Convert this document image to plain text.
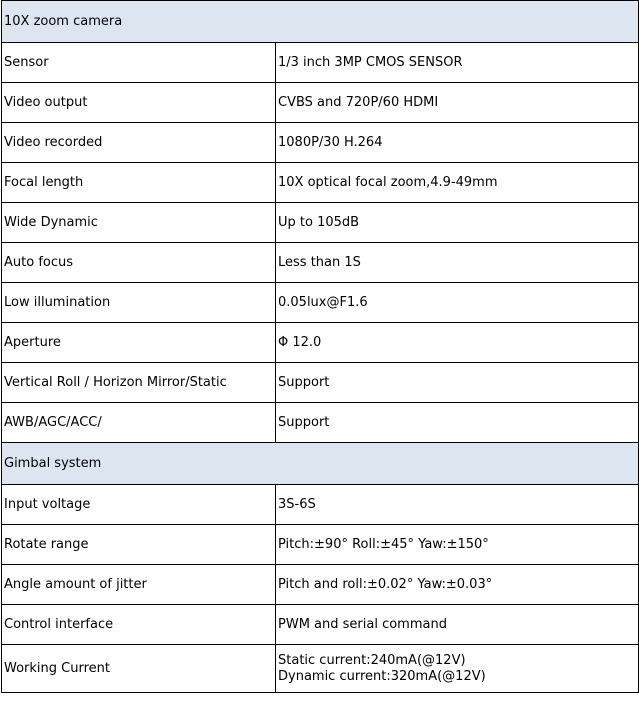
10X zoom camera	
Sensor	1/3 inch 3MP CMOS SENSOR
Video output	CVBS and 720P/60 HDMI
Video recorded	1080P/30 H.264
Focal length	10X optical focal zoom,4.9-49mm
Wide Dynamic	Up to 105dB
Auto focus	Less than 1S
Low illumination	0.05lux@F1.6
Aperture	Φ 12.0
Vertical Roll / Horizon Mirror/Static	Support
AWB/AGC/ACC/	Support
Gimbal system	
Input voltage	3S-6S
Rotate range	Pitch:±90° Roll:±45° Yaw:±150°
Angle amount of jitter	Pitch and roll:±0.02° Yaw:±0.03°
Control interface	PWM and serial command
Working Current	Static current:240mA(@12V)
Dynamic current:320mA(@12V)
